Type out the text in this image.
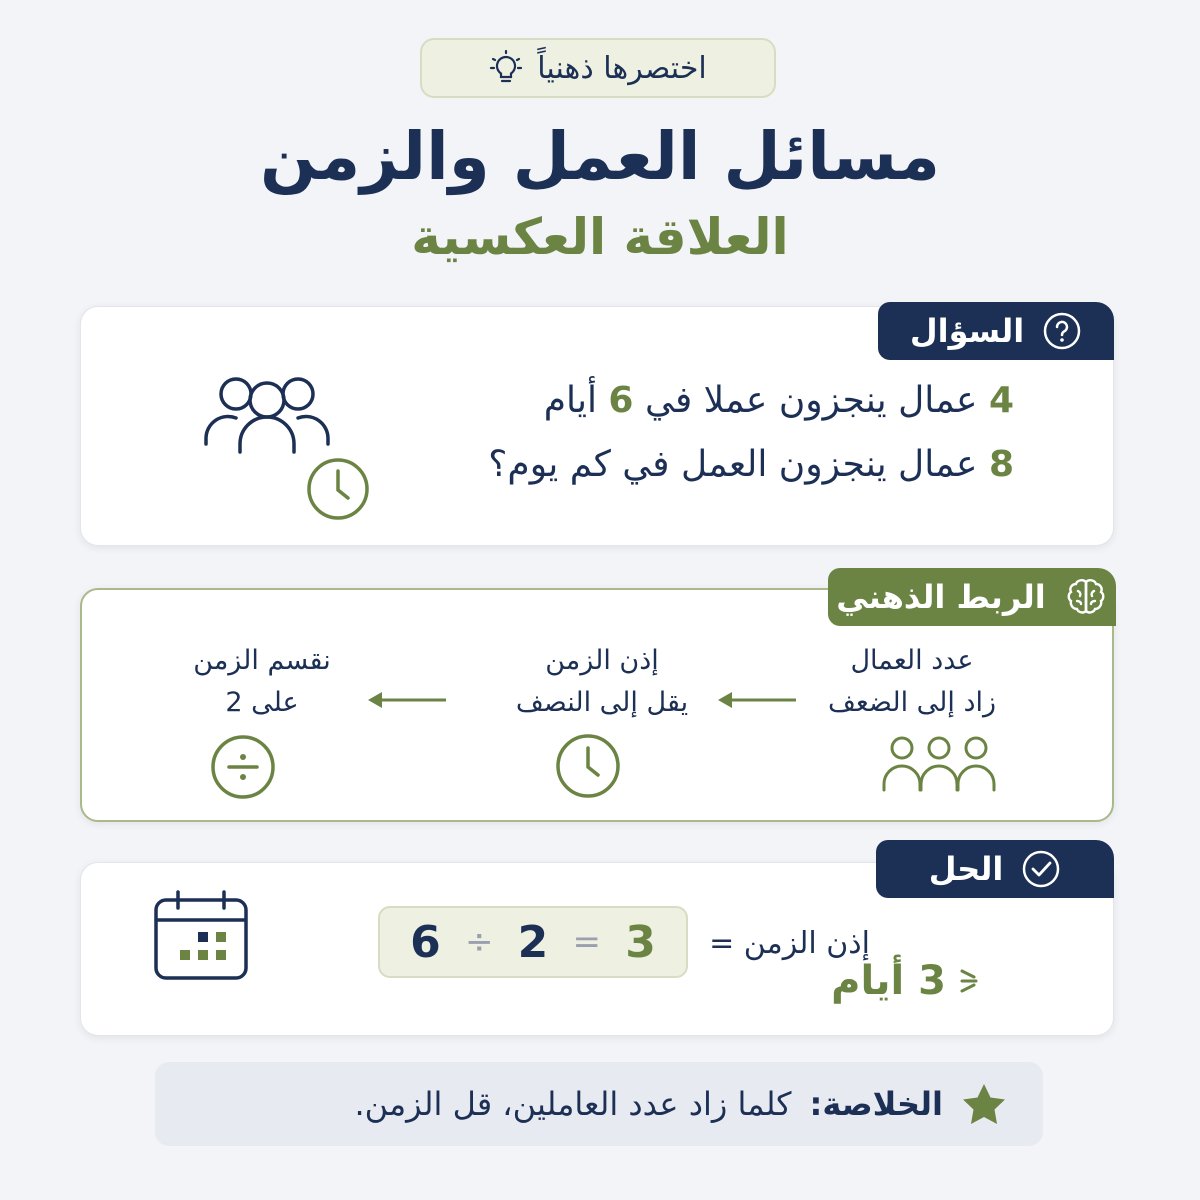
اختصرها ذهنياً
مسائل العمل والزمن
العلاقة العكسية
السؤال
4 عمال ينجزون عملا في 6 أيام
8 عمال ينجزون العمل في كم يوم؟
الربط الذهني
عدد العمال
زاد إلى الضعف
إذن الزمن
يقل إلى النصف
نقسم الزمن
على 2
الحل
إذن الزمن =
6 ÷ 2 = 3
3 أيام
الخلاصة:
كلما زاد عدد العاملين، قل الزمن.
